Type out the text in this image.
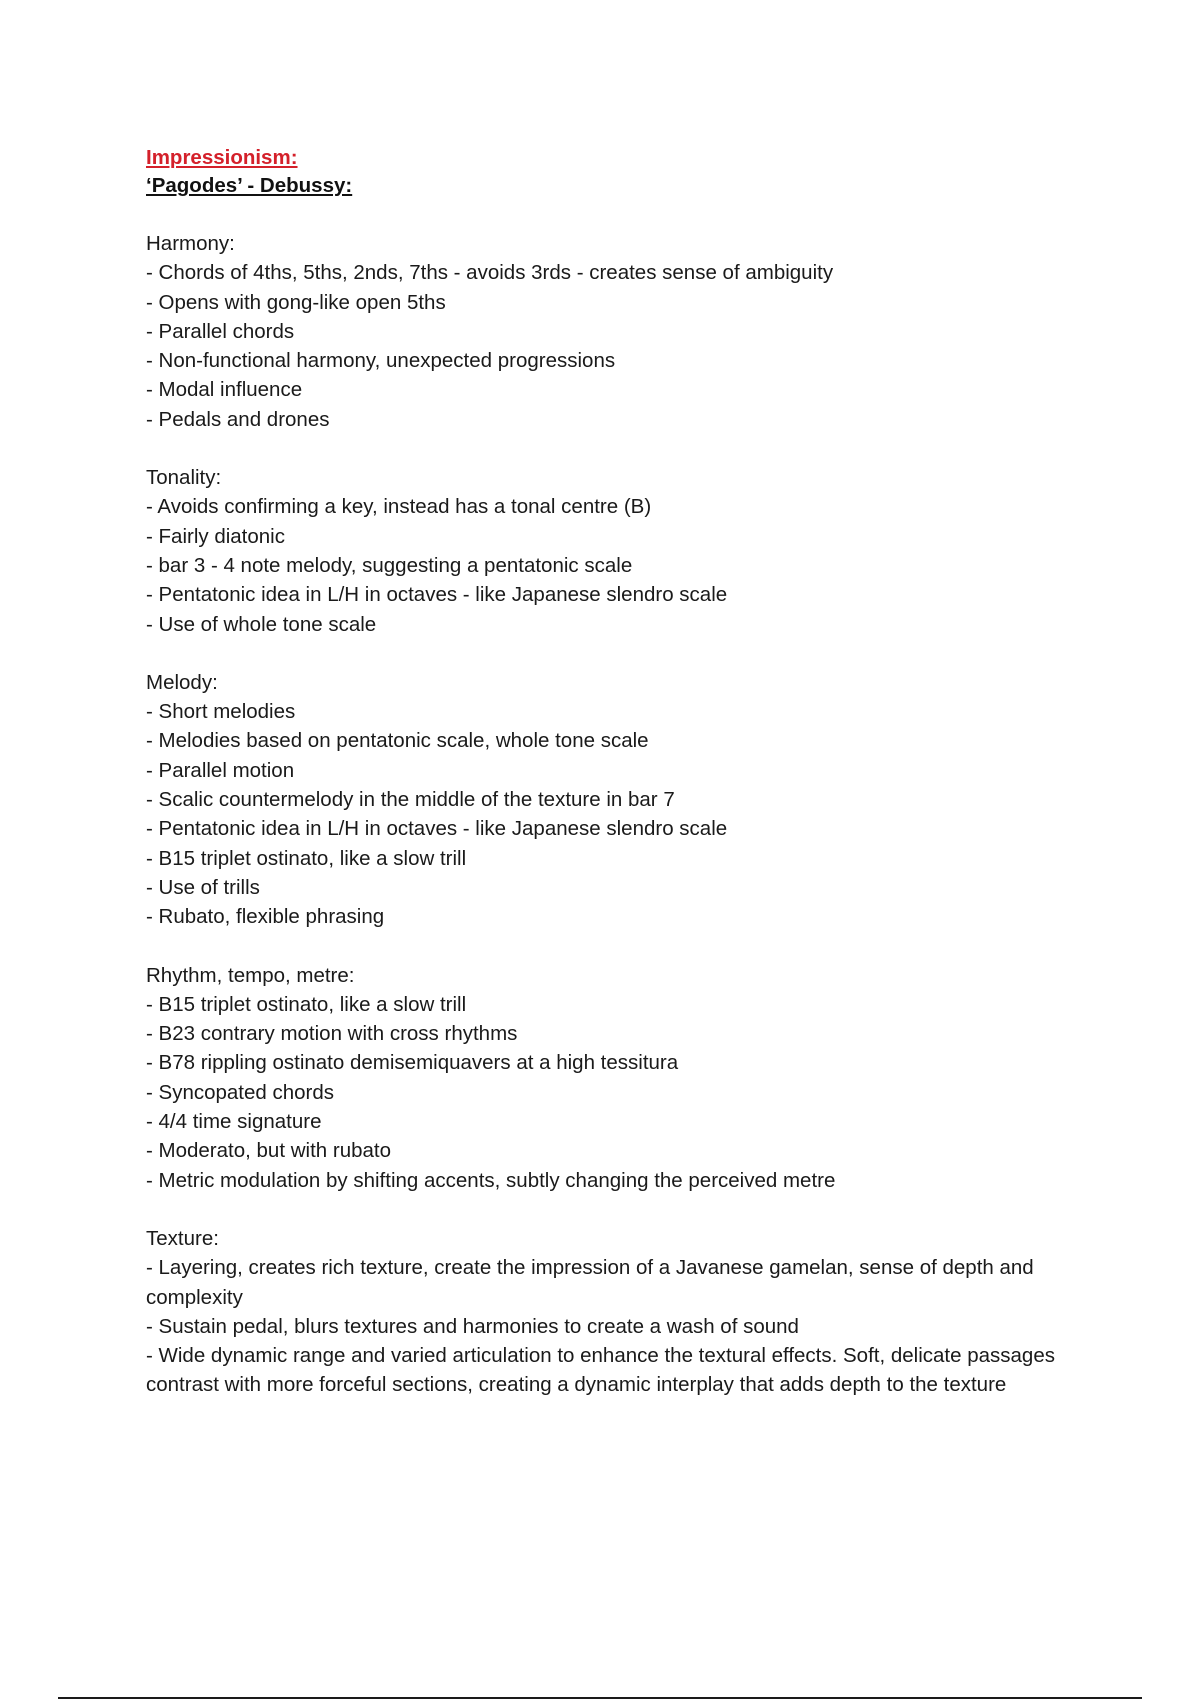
Impressionism:

‘Pagodes’ - Debussy:

Harmony:

- Chords of 4ths, 5ths, 2nds, 7ths - avoids 3rds - creates sense of ambiguity
- Opens with gong-like open 5ths
- Parallel chords
- Non-functional harmony, unexpected progressions
- Modal influence
- Pedals and drones

Tonality:

- Avoids confirming a key, instead has a tonal centre (B)
- Fairly diatonic
- bar 3 - 4 note melody, suggesting a pentatonic scale
- Pentatonic idea in L/H in octaves - like Japanese slendro scale
- Use of whole tone scale

Melody:

- Short melodies
- Melodies based on pentatonic scale, whole tone scale
- Parallel motion
- Scalic countermelody in the middle of the texture in bar 7
- Pentatonic idea in L/H in octaves - like Japanese slendro scale
- B15 triplet ostinato, like a slow trill
- Use of trills
- Rubato, flexible phrasing

Rhythm, tempo, metre:

- B15 triplet ostinato, like a slow trill
- B23 contrary motion with cross rhythms
- B78 rippling ostinato demisemiquavers at a high tessitura
- Syncopated chords
- 4/4 time signature
- Moderato, but with rubato
- Metric modulation by shifting accents, subtly changing the perceived metre

Texture:

- Layering, creates rich texture, create the impression of a Javanese gamelan, sense of depth and complexity
- Sustain pedal, blurs textures and harmonies to create a wash of sound
- Wide dynamic range and varied articulation to enhance the textural effects. Soft, delicate passages contrast with more forceful sections, creating a dynamic interplay that adds depth to the texture
